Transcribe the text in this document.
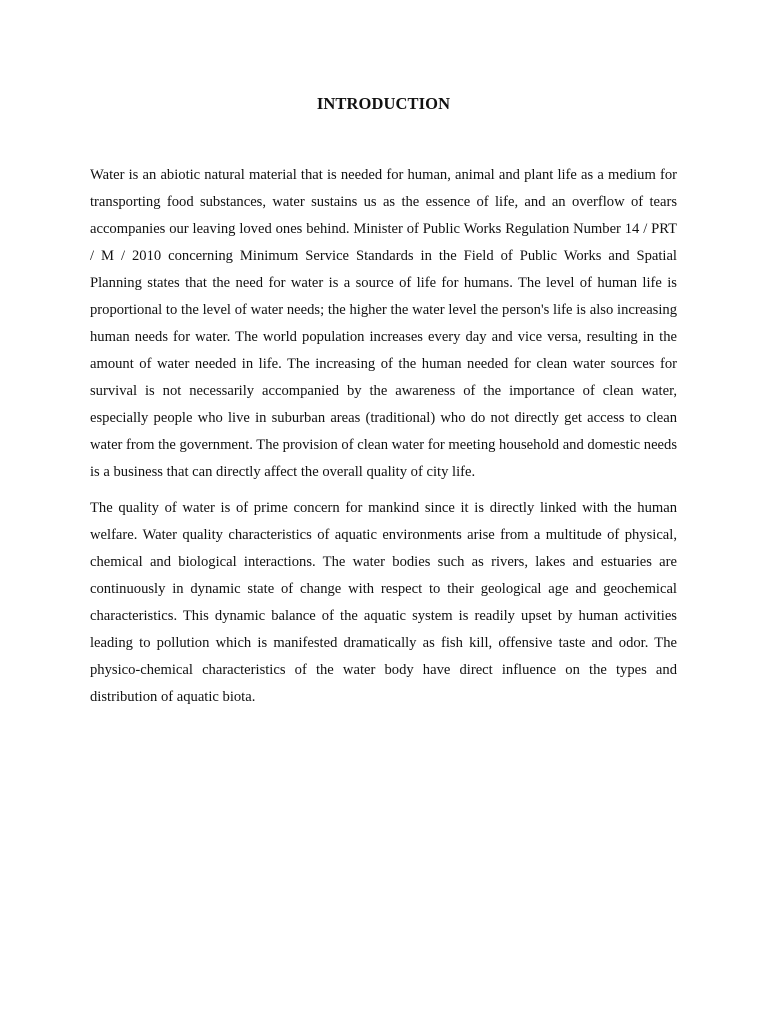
INTRODUCTION

Water is an abiotic natural material that is needed for human, animal and plant life as a medium for transporting food substances, water sustains us as the essence of life, and an overflow of tears accompanies our leaving loved ones behind. Minister of Public Works Regulation Number 14 / PRT / M / 2010 concerning Minimum Service Standards in the Field of Public Works and Spatial Planning states that the need for water is a source of life for humans. The level of human life is proportional to the level of water needs; the higher the water level the person's life is also increasing human needs for water. The world population increases every day and vice versa, resulting in the amount of water needed in life. The increasing of the human needed for clean water sources for survival is not necessarily accompanied by the awareness of the importance of clean water, especially people who live in suburban areas (traditional) who do not directly get access to clean water from the government. The provision of clean water for meeting household and domestic needs is a business that can directly affect the overall quality of city life.

The quality of water is of prime concern for mankind since it is directly linked with the human welfare. Water quality characteristics of aquatic environments arise from a multitude of physical, chemical and biological interactions. The water bodies such as rivers, lakes and estuaries are continuously in dynamic state of change with respect to their geological age and geochemical characteristics. This dynamic balance of the aquatic system is readily upset by human activities leading to pollution which is manifested dramatically as fish kill, offensive taste and odor. The physico-chemical characteristics of the water body have direct influence on the types and distribution of aquatic biota.
